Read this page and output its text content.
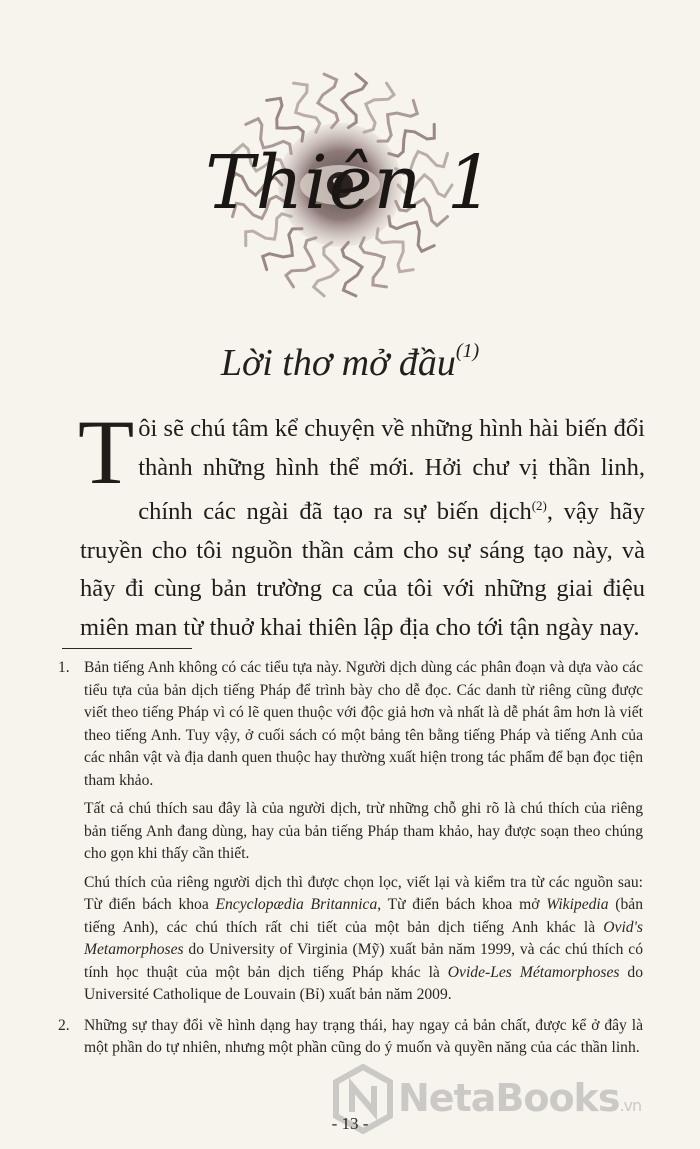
Thiên 1
Lời thơ mở đầu$^{(1)}$
Tôi sẽ chú tâm kể chuyện về những hình hài biến đổi thành những hình thể mới. Hởi chư vị thần linh, chính các ngài đã tạo ra sự biến dịch$^{(2)}$, vậy hãy truyền cho tôi nguồn thần cảm cho sự sáng tạo này, và hãy đi cùng bản trường ca của tôi với những giai điệu miên man từ thuở khai thiên lập địa cho tới tận ngày nay.
1. Bản tiếng Anh không có các tiểu tựa này. Người dịch dùng các phân đoạn và dựa vào các tiểu tựa của bản dịch tiếng Pháp để trình bày cho dễ đọc. Các danh từ riêng cũng được viết theo tiếng Pháp vì có lẽ quen thuộc với độc giả hơn và nhất là dễ phát âm hơn là viết theo tiếng Anh. Tuy vậy, ở cuối sách có một bảng tên bằng tiếng Pháp và tiếng Anh của các nhân vật và địa danh quen thuộc hay thường xuất hiện trong tác phẩm để bạn đọc tiện tham khảo.

Tất cả chú thích sau đây là của người dịch, trừ những chỗ ghi rõ là chú thích của riêng bản tiếng Anh đang dùng, hay của bản tiếng Pháp tham khảo, hay được soạn theo chúng cho gọn khi thấy cần thiết.

Chú thích của riêng người dịch thì được chọn lọc, viết lại và kiểm tra từ các nguồn sau: Từ điển bách khoa Encyclopædia Britannica, Từ điển bách khoa mở Wikipedia (bản tiếng Anh), các chú thích rất chi tiết của một bản dịch tiếng Anh khác là Ovid's Metamorphoses do University of Virginia (Mỹ) xuất bản năm 1999, và các chú thích có tính học thuật của một bản dịch tiếng Pháp khác là Ovide-Les Métamorphoses do Université Catholique de Louvain (Bỉ) xuất bản năm 2009.

2. Những sự thay đổi về hình dạng hay trạng thái, hay ngay cả bản chất, được kể ở đây là một phần do tự nhiên, nhưng một phần cũng do ý muốn và quyền năng của các thần linh.

NetaBooks.vn
- 13 -
